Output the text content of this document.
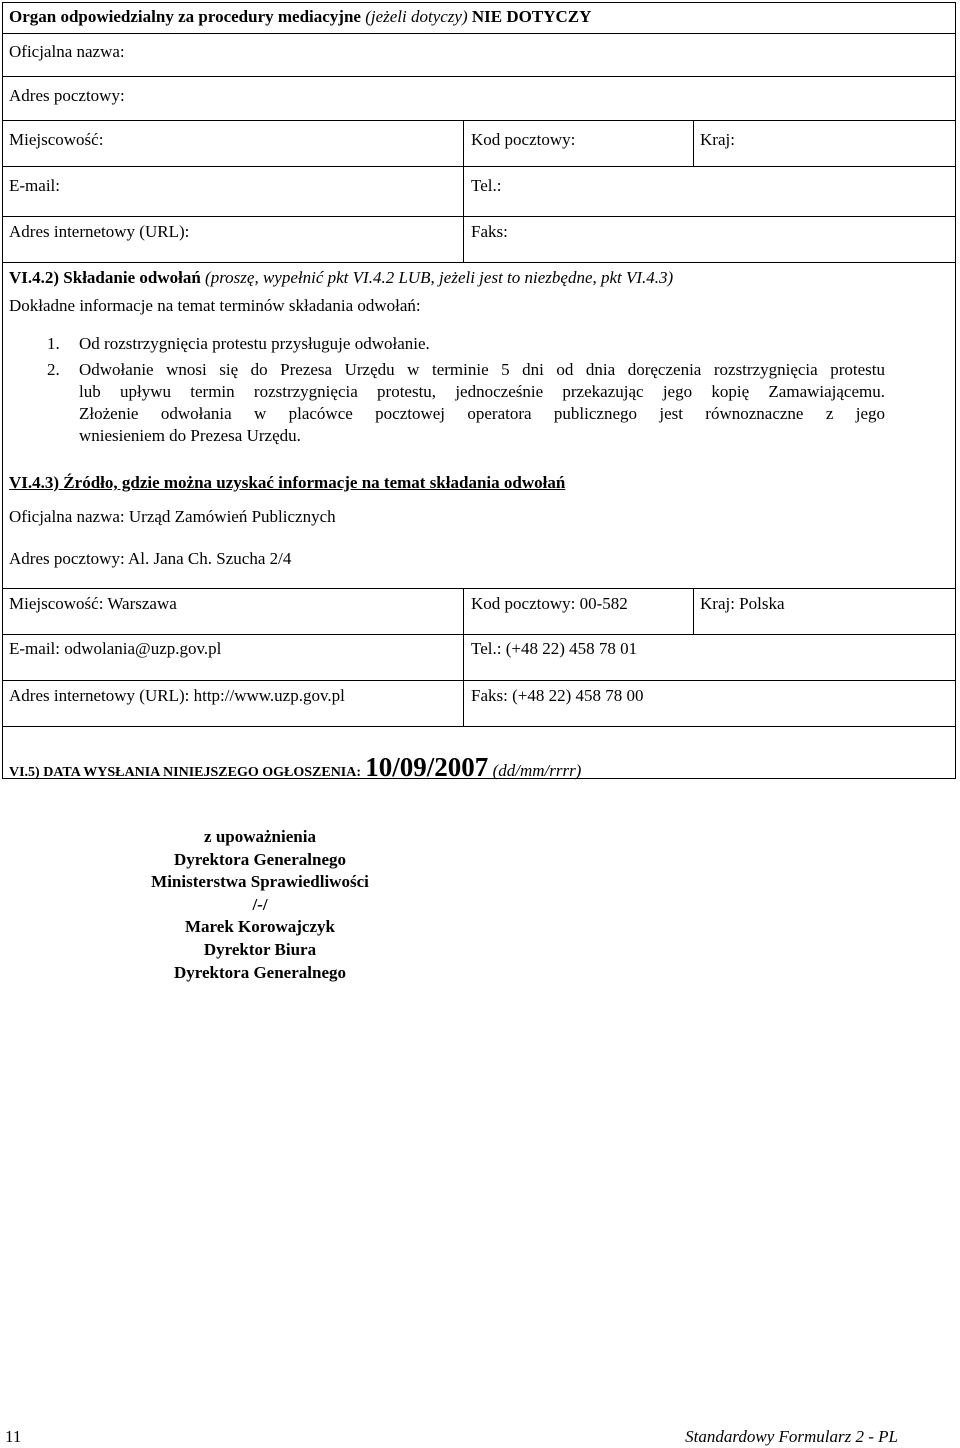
Organ odpowiedzialny za procedury mediacyjne (jeżeli dotyczy) NIE DOTYCZY
Oficjalna nazwa:
Adres pocztowy:
Miejscowość:	Kod pocztowy:	Kraj:
E-mail:	Tel.:
Adres internetowy (URL):	Faks:
VI.4.2) Składanie odwołań (proszę, wypełnić pkt VI.4.2 LUB, jeżeli jest to niezbędne, pkt VI.4.3)
Dokładne informacje na temat terminów składania odwołań:
1. Od rozstrzygnięcia protestu przysługuje odwołanie.
2. Odwołanie wnosi się do Prezesa Urzędu w terminie 5 dni od dnia doręczenia rozstrzygnięcia protestu
lub upływu termin rozstrzygnięcia protestu, jednocześnie przekazując jego kopię Zamawiającemu.
Złożenie odwołania w placówce pocztowej operatora publicznego jest równoznaczne z jego
wniesieniem do Prezesa Urzędu.
VI.4.3) Źródło, gdzie można uzyskać informacje na temat składania odwołań
Oficjalna nazwa: Urząd Zamówień Publicznych
Adres pocztowy: Al. Jana Ch. Szucha 2/4
Miejscowość: Warszawa	Kod pocztowy: 00-582	Kraj: Polska
E-mail: odwolania@uzp.gov.pl	Tel.: (+48 22) 458 78 01
Adres internetowy (URL): http://www.uzp.gov.pl	Faks: (+48 22) 458 78 00
VI.5) DATA WYSŁANIA NINIEJSZEGO OGŁOSZENIA: 10/09/2007 (dd/mm/rrrr)
z upoważnienia
Dyrektora Generalnego
Ministerstwa Sprawiedliwości
/-/
Marek Korowajczyk
Dyrektor Biura
Dyrektora Generalnego
11	Standardowy Formularz 2 - PL
